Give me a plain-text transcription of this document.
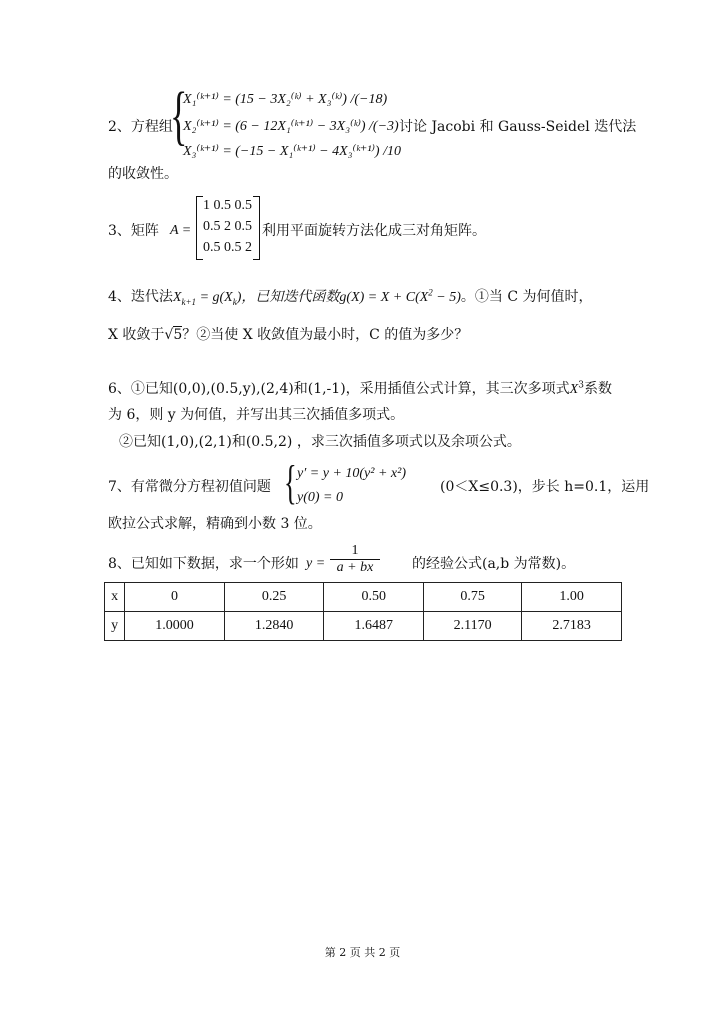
2、方程组
{
X₁⁽ᵏ⁺¹⁾ = (15 − 3X₂⁽ᵏ⁾ + X₃⁽ᵏ⁾) /(−18)
X₂⁽ᵏ⁺¹⁾ = (6 − 12X₁⁽ᵏ⁺¹⁾ − 3X₃⁽ᵏ⁾) /(−3) 讨论 Jacobi 和 Gauss-Seidel 迭代法
X₃⁽ᵏ⁺¹⁾ = (−15 − X₁⁽ᵏ⁺¹⁾ − 4X₃⁽ᵏ⁺¹⁾) /10
的收敛性。
3、矩阵 A =
1 0.5 0.5
0.5 2 0.5
0.5 0.5 2
利用平面旋转方法化成三对角矩阵。
4、迭代法$X_{k+1} = g(X_k)$，已知迭代函数$g(X) = X + C(X^2 - 5)$。①当 C 为何值时，
X 收敛于√5？②当使 X 收敛值为最小时，C 的值为多少？
6、①已知(0,0),(0.5,y),(2,4)和(1,-1)，采用插值公式计算，其三次多项式$X^3$系数
为 6，则 y 为何值，并写出其三次插值多项式。
②已知(1,0),(2,1)和(0.5,2) ，求三次插值多项式以及余项公式。
7、有常微分方程初值问题 { y′ = y + 10(y² + x²)
y(0) = 0
(0＜X≤0.3)，步长 h=0.1，运用
欧拉公式求解，精确到小数 3 位。
8、已知如下数据，求一个形如 $y = \frac{1}{a + bx}$ 的经验公式(a,b 为常数)。
x	0	0.25	0.50	0.75	1.00
y	1.0000	1.2840	1.6487	2.1170	2.7183
第 2 页 共 2 页
